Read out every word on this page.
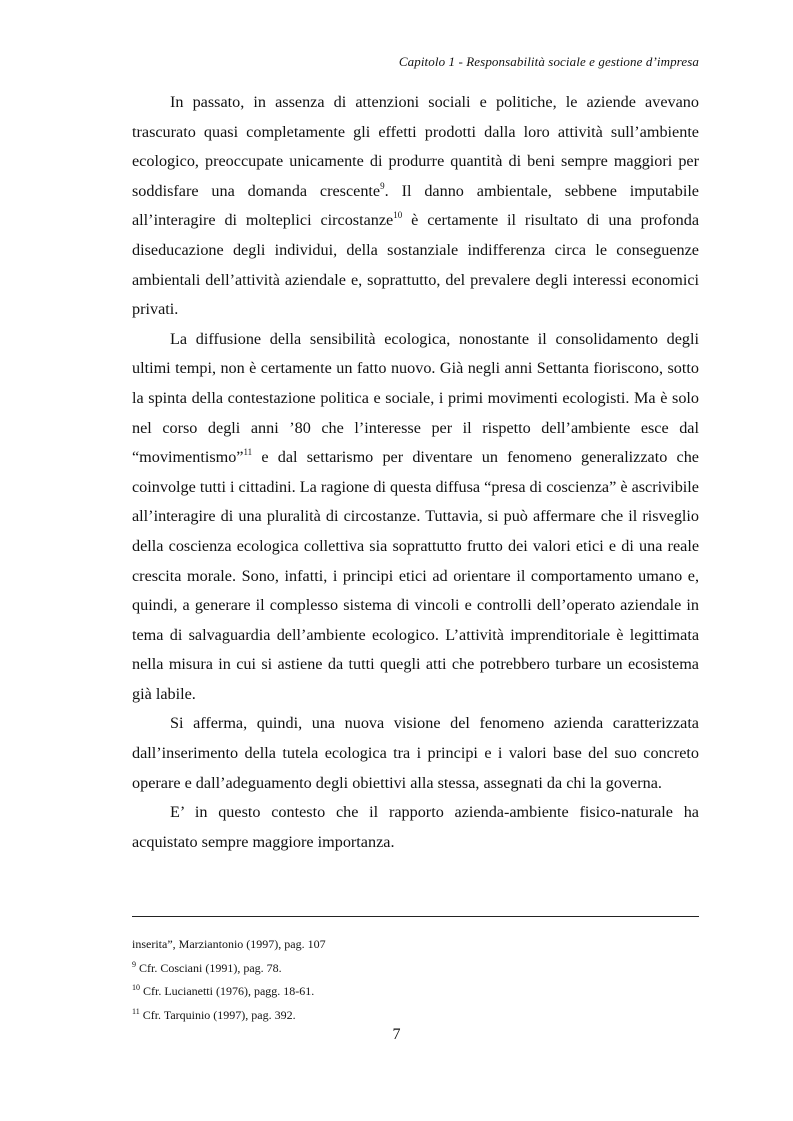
Capitolo 1 - Responsabilità sociale e gestione d’impresa

In passato, in assenza di attenzioni sociali e politiche, le aziende avevano trascurato quasi completamente gli effetti prodotti dalla loro attività sull’ambiente ecologico, preoccupate unicamente di produrre quantità di beni sempre maggiori per soddisfare una domanda crescente$^9$. Il danno ambientale, sebbene imputabile all’interagire di molteplici circostanze$^{10}$ è certamente il risultato di una profonda diseducazione degli individui, della sostanziale indifferenza circa le conseguenze ambientali dell’attività aziendale e, soprattutto, del prevalere degli interessi economici privati.

La diffusione della sensibilità ecologica, nonostante il consolidamento degli ultimi tempi, non è certamente un fatto nuovo. Già negli anni Settanta fioriscono, sotto la spinta della contestazione politica e sociale, i primi movimenti ecologisti. Ma è solo nel corso degli anni ’80 che l’interesse per il rispetto dell’ambiente esce dal “movimentismo”$^{11}$ e dal settarismo per diventare un fenomeno generalizzato che coinvolge tutti i cittadini. La ragione di questa diffusa “presa di coscienza” è ascrivibile all’interagire di una pluralità di circostanze. Tuttavia, si può affermare che il risveglio della coscienza ecologica collettiva sia soprattutto frutto dei valori etici e di una reale crescita morale. Sono, infatti, i principi etici ad orientare il comportamento umano e, quindi, a generare il complesso sistema di vincoli e controlli dell’operato aziendale in tema di salvaguardia dell’ambiente ecologico. L’attività imprenditoriale è legittimata nella misura in cui si astiene da tutti quegli atti che potrebbero turbare un ecosistema già labile.

Si afferma, quindi, una nuova visione del fenomeno azienda caratterizzata dall’inserimento della tutela ecologica tra i principi e i valori base del suo concreto operare e dall’adeguamento degli obiettivi alla stessa, assegnati da chi la governa.

E’ in questo contesto che il rapporto azienda-ambiente fisico-naturale ha acquistato sempre maggiore importanza.

inserita”, Marziantonio (1997), pag. 107

$^9$ Cfr. Cosciani (1991), pag. 78.

$^{10}$ Cfr. Lucianetti (1976), pagg. 18-61.

$^{11}$ Cfr. Tarquinio (1997), pag. 392.

7
